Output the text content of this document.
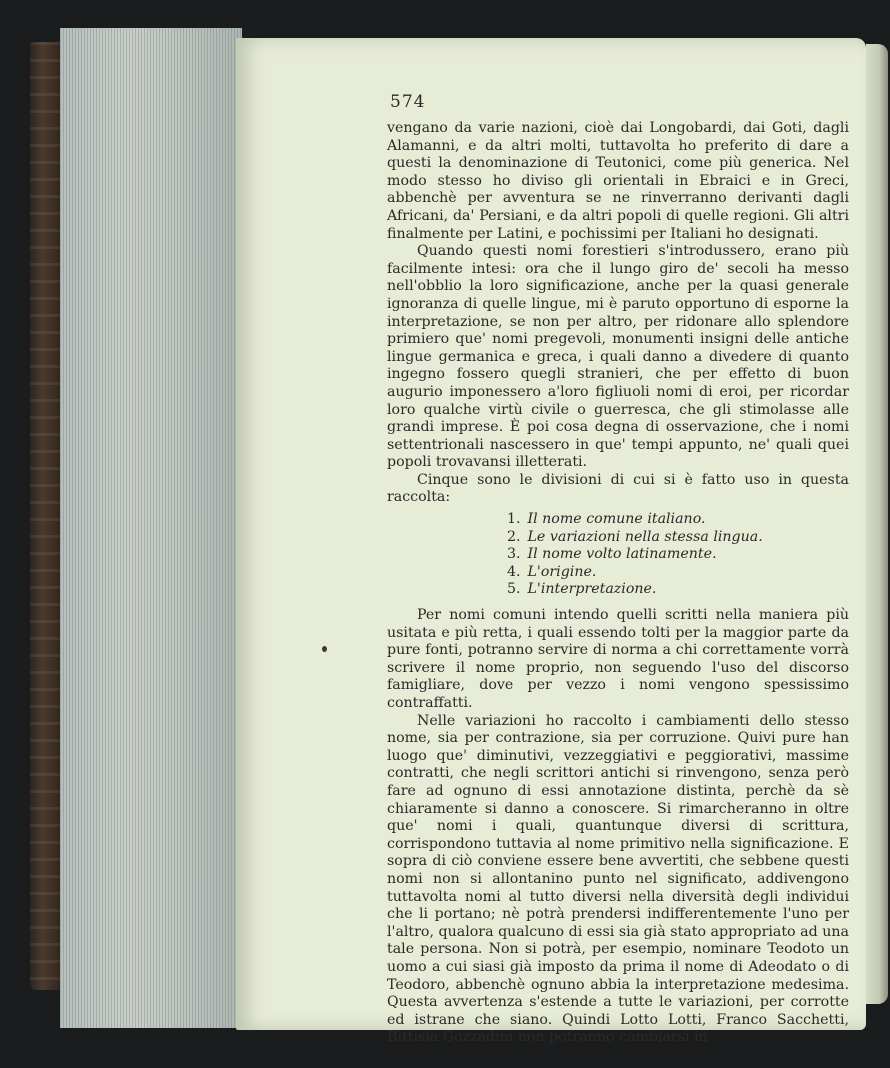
574

vengano da varie nazioni, cioè dai Longobardi, dai Goti, dagli Alamanni, e da altri molti, tuttavolta ho preferito di dare a questi la denominazione di Teutonici, come più generica. Nel modo stesso ho diviso gli orientali in Ebraici e in Greci, abbenchè per avventura se ne rinverranno derivanti dagli Africani, da' Persiani, e da altri popoli di quelle regioni. Gli altri finalmente per Latini, e pochissimi per Italiani ho designati.

Quando questi nomi forestieri s'introdussero, erano più facilmente intesi: ora che il lungo giro de' secoli ha messo nell'obblio la loro significazione, anche per la quasi generale ignoranza di quelle lingue, mi è paruto opportuno di esporne la interpretazione, se non per altro, per ridonare allo splendore primiero que' nomi pregevoli, monumenti insigni delle antiche lingue germanica e greca, i quali danno a divedere di quanto ingegno fossero quegli stranieri, che per effetto di buon augurio imponessero a'loro figliuoli nomi di eroi, per ricordar loro qualche virtù civile o guerresca, che gli stimolasse alle grandi imprese. È poi cosa degna di osservazione, che i nomi settentrionali nascessero in que' tempi appunto, ne' quali quei popoli trovavansi illetterati.

Cinque sono le divisioni di cui si è fatto uso in questa raccolta:

1. Il nome comune italiano.
2. Le variazioni nella stessa lingua.
3. Il nome volto latinamente.
4. L'origine.
5. L'interpretazione.

Per nomi comuni intendo quelli scritti nella maniera più usitata e più retta, i quali essendo tolti per la maggior parte da pure fonti, potranno servire di norma a chi correttamente vorrà scrivere il nome proprio, non seguendo l'uso del discorso famigliare, dove per vezzo i nomi vengono spessissimo contraffatti.

Nelle variazioni ho raccolto i cambiamenti dello stesso nome, sia per contrazione, sia per corruzione. Quivi pure han luogo que' diminutivi, vezzeggiativi e peggiorativi, massime contratti, che negli scrittori antichi si rinvengono, senza però fare ad ognuno di essi annotazione distinta, perchè da sè chiaramente si danno a conoscere. Si rimarcheranno in oltre que' nomi i quali, quantunque diversi di scrittura, corrispondono tuttavia al nome primitivo nella significazione. E sopra di ciò conviene essere bene avvertiti, che sebbene questi nomi non si allontanino punto nel significato, addivengono tuttavolta nomi al tutto diversi nella diversità degli individui che li portano; nè potrà prendersi indifferentemente l'uno per l'altro, qualora qualcuno di essi sia già stato appropriato ad una tale persona. Non si potrà, per esempio, nominare Teodoto un uomo a cui siasi già imposto da prima il nome di Adeodato o di Teodoro, abbenchè ognuno abbia la interpretazione medesima. Questa avvertenza s'estende a tutte le variazioni, per corrotte ed istrane che siano. Quindi Lotto Lotti, Franco Sacchetti, Bittisia Gozzadini non potranno cambiarsi in
